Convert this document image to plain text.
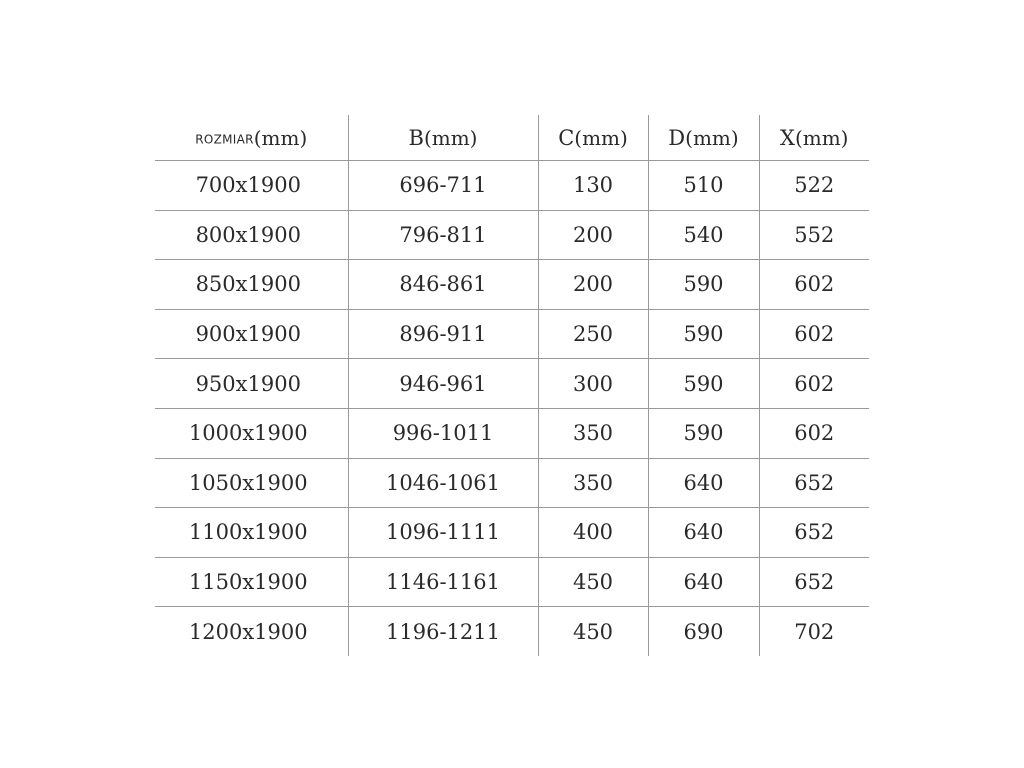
ROZMIAR(mm)	B(mm)	C(mm)	D(mm)	X(mm)
700x1900	696-711	130	510	522
800x1900	796-811	200	540	552
850x1900	846-861	200	590	602
900x1900	896-911	250	590	602
950x1900	946-961	300	590	602
1000x1900	996-1011	350	590	602
1050x1900	1046-1061	350	640	652
1100x1900	1096-1111	400	640	652
1150x1900	1146-1161	450	640	652
1200x1900	1196-1211	450	690	702
